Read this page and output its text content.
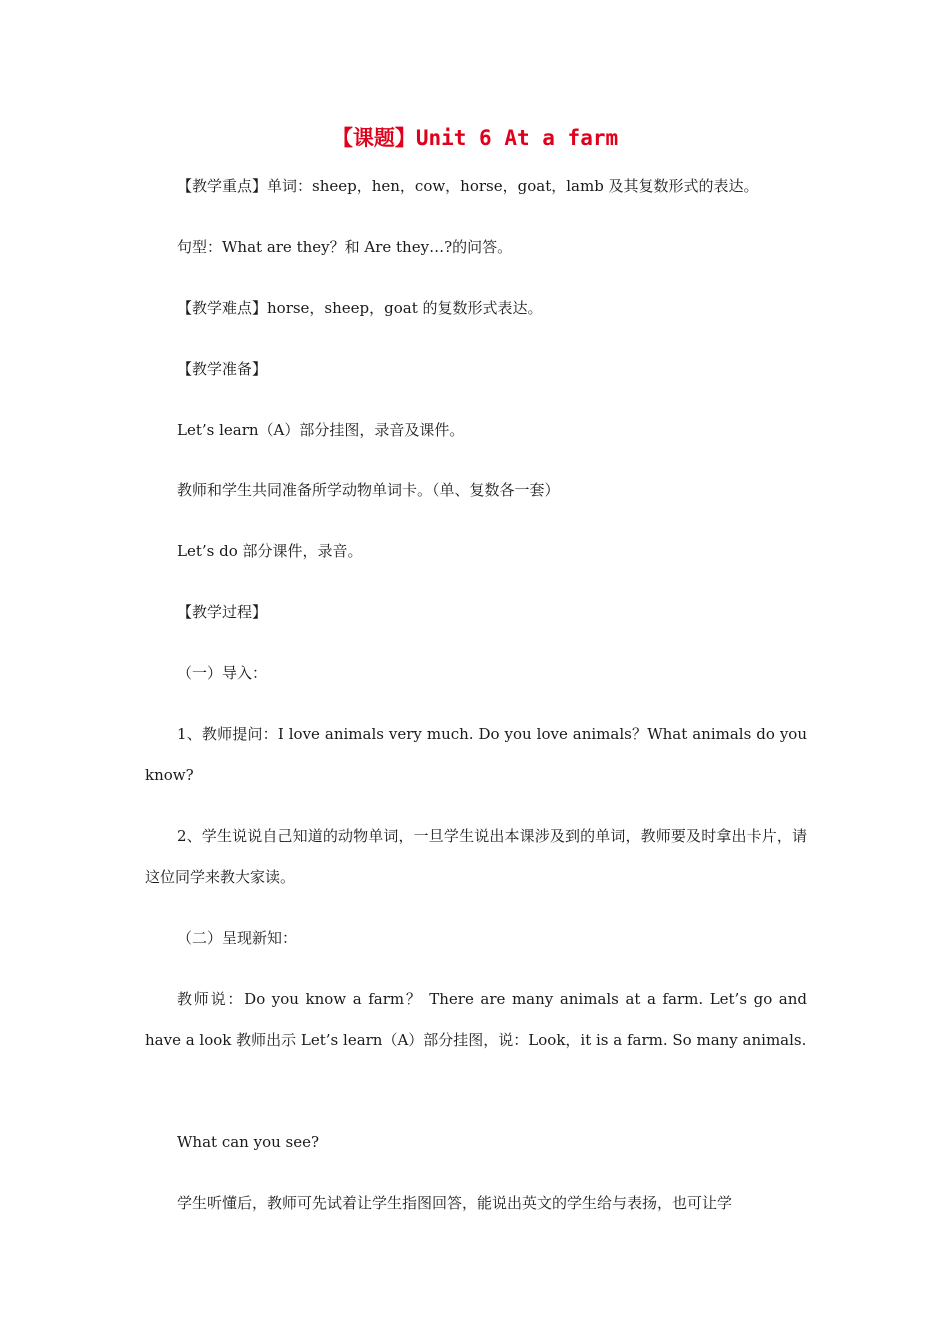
【课题】Unit 6 At a farm
【教学重点】单词：sheep，hen，cow，horse，goat，lamb 及其复数形式的表达。
句型：What are they？和 Are they…?的问答。
【教学难点】horse，sheep，goat 的复数形式表达。
【教学准备】
Let’s learn（A）部分挂图，录音及课件。
教师和学生共同准备所学动物单词卡。（单、复数各一套）
Let’s do 部分课件，录音。
【教学过程】
（一）导入：
1、教师提问：I love animals very much. Do you love animals？What animals do you know?
2、学生说说自己知道的动物单词，一旦学生说出本课涉及到的单词，教师要及时拿出卡片，请这位同学来教大家读。
（二）呈现新知：
教师说：Do you know a farm？ There are many animals at a farm. Let’s go and have a look 教师出示 Let’s learn（A）部分挂图，说：Look，it is a farm. So many animals.
What can you see?
学生听懂后，教师可先试着让学生指图回答，能说出英文的学生给与表扬，也可让学
